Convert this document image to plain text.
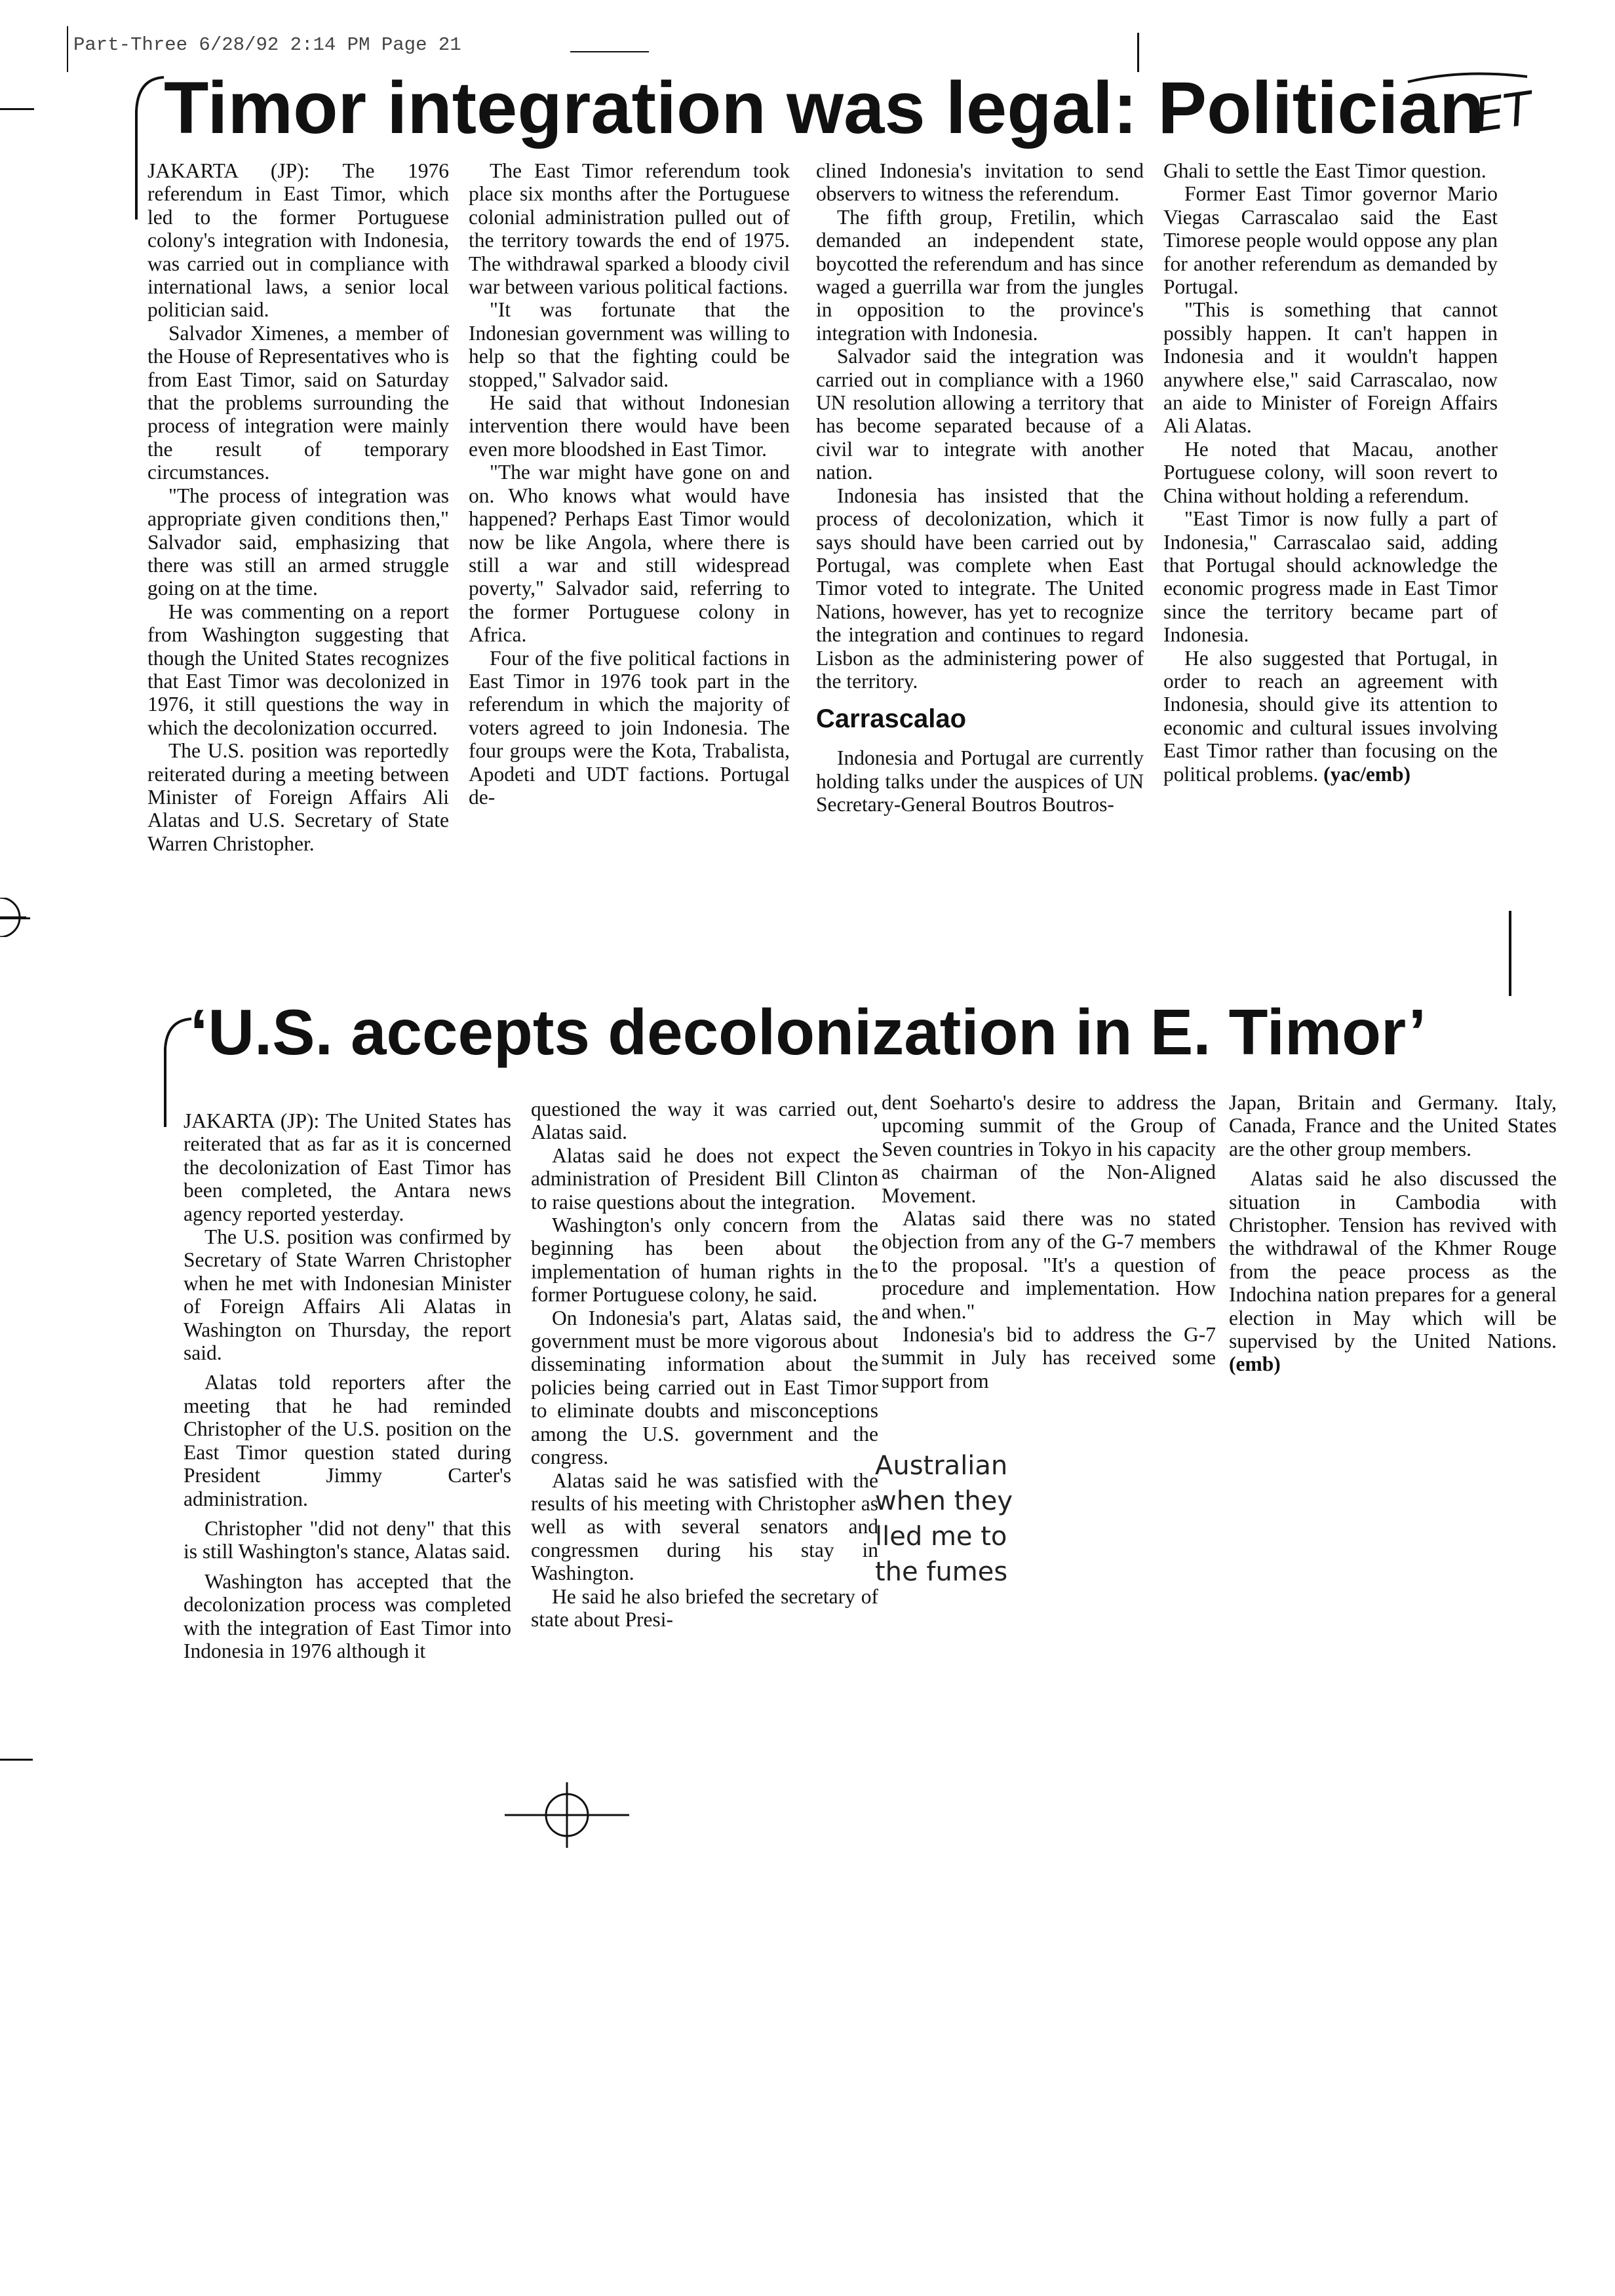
Part-Three 6/28/92 2:14 PM Page 21
Timor integration was legal: Politician
ET

JAKARTA (JP): The 1976 referendum in East Timor, which led to the former Portuguese colony's integration with Indonesia, was carried out in compliance with international laws, a senior local politician said.

Salvador Ximenes, a member of the House of Representatives who is from East Timor, said on Saturday that the problems surrounding the process of integration were mainly the result of temporary circumstances.

"The process of integration was appropriate given conditions then," Salvador said, emphasizing that there was still an armed struggle going on at the time.

He was commenting on a report from Washington suggesting that though the United States recognizes that East Timor was decolonized in 1976, it still questions the way in which the decolonization occurred.

The U.S. position was reportedly reiterated during a meeting between Minister of Foreign Affairs Ali Alatas and U.S. Secretary of State Warren Christopher.

The East Timor referendum took place six months after the Portuguese colonial administration pulled out of the territory towards the end of 1975. The withdrawal sparked a bloody civil war between various political factions.

"It was fortunate that the Indonesian government was willing to help so that the fighting could be stopped," Salvador said.

He said that without Indonesian intervention there would have been even more bloodshed in East Timor.

"The war might have gone on and on. Who knows what would have happened? Perhaps East Timor would now be like Angola, where there is still a war and still widespread poverty," Salvador said, referring to the former Portuguese colony in Africa.

Four of the five political factions in East Timor in 1976 took part in the referendum in which the majority of voters agreed to join Indonesia. The four groups were the Kota, Trabalista, Apodeti and UDT factions. Portugal de-

clined Indonesia's invitation to send observers to witness the referendum.

The fifth group, Fretilin, which demanded an independent state, boycotted the referendum and has since waged a guerrilla war from the jungles in opposition to the province's integration with Indonesia.

Salvador said the integration was carried out in compliance with a 1960 UN resolution allowing a territory that has become separated because of a civil war to integrate with another nation.

Indonesia has insisted that the process of decolonization, which it says should have been carried out by Portugal, was complete when East Timor voted to integrate. The United Nations, however, has yet to recognize the integration and continues to regard Lisbon as the administering power of the territory.

Carrascalao

Indonesia and Portugal are currently holding talks under the auspices of UN Secretary-General Boutros Boutros-

Ghali to settle the East Timor question.

Former East Timor governor Mario Viegas Carrascalao said the East Timorese people would oppose any plan for another referendum as demanded by Portugal.

"This is something that cannot possibly happen. It can't happen in Indonesia and it wouldn't happen anywhere else," said Carrascalao, now an aide to Minister of Foreign Affairs Ali Alatas.

He noted that Macau, another Portuguese colony, will soon revert to China without holding a referendum.

"East Timor is now fully a part of Indonesia," Carrascalao said, adding that Portugal should acknowledge the economic progress made in East Timor since the territory became part of Indonesia.

He also suggested that Portugal, in order to reach an agreement with Indonesia, should give its attention to economic and cultural issues involving East Timor rather than focusing on the political problems. (yac/emb)

‘U.S. accepts decolonization in E. Timor’

JAKARTA (JP): The United States has reiterated that as far as it is concerned the decolonization of East Timor has been completed, the Antara news agency reported yesterday.

The U.S. position was confirmed by Secretary of State Warren Christopher when he met with Indonesian Minister of Foreign Affairs Ali Alatas in Washington on Thursday, the report said.

Alatas told reporters after the meeting that he had reminded Christopher of the U.S. position on the East Timor question stated during President Jimmy Carter's administration.

Christopher "did not deny" that this is still Washington's stance, Alatas said.

Washington has accepted that the decolonization process was completed with the integration of East Timor into Indonesia in 1976 although it

questioned the way it was carried out, Alatas said.

Alatas said he does not expect the administration of President Bill Clinton to raise questions about the integration.

Washington's only concern from the beginning has been about the implementation of human rights in the former Portuguese colony, he said.

On Indonesia's part, Alatas said, the government must be more vigorous about disseminating information about the policies being carried out in East Timor to eliminate doubts and misconceptions among the U.S. government and the congress.

Alatas said he was satisfied with the results of his meeting with Christopher as well as with several senators and congressmen during his stay in Washington.

He said he also briefed the secretary of state about Presi-

dent Soeharto's desire to address the upcoming summit of the Group of Seven countries in Tokyo in his capacity as chairman of the Non-Aligned Movement.

Alatas said there was no stated objection from any of the G-7 members to the proposal. "It's a question of procedure and implementation. How and when."

Indonesia's bid to address the G-7 summit in July has received some support from

Australian
when they
lled me to
the fumes

Japan, Britain and Germany. Italy, Canada, France and the United States are the other group members.

Alatas said he also discussed the situation in Cambodia with Christopher. Tension has revived with the withdrawal of the Khmer Rouge from the peace process as the Indochina nation prepares for a general election in May which will be supervised by the United Nations. (emb)
